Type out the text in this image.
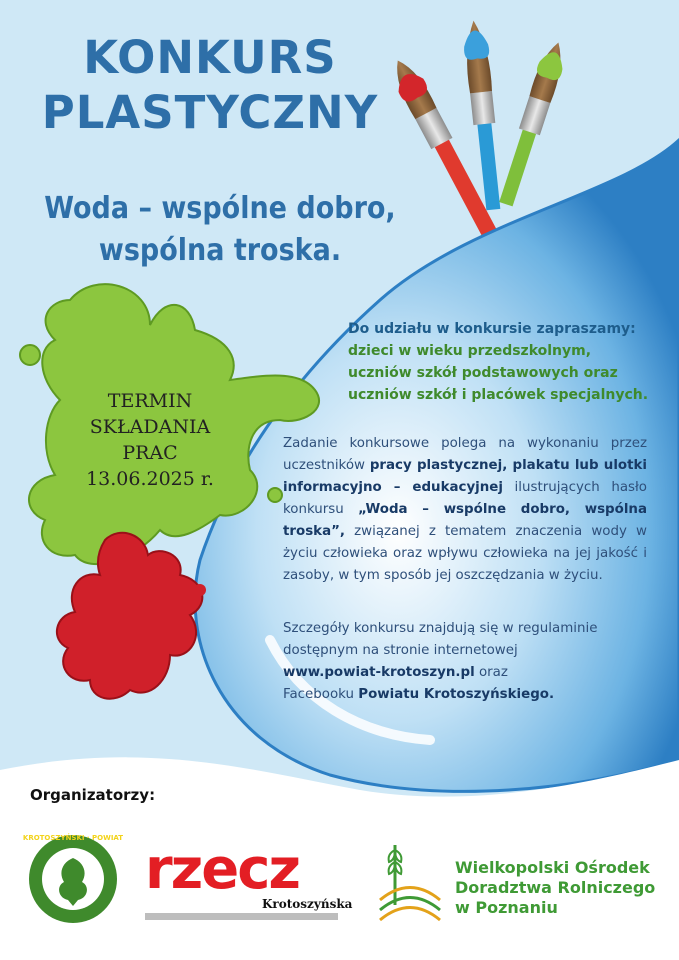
KROTOSZYŃSKI · POWIAT
KONKURS
PLASTYCZNY
Woda – wspólne dobro,
wspólna troska.
TERMIN
SKŁADANIA
PRAC
13.06.2025 r.
Do udziału w konkursie zapraszamy:
dzieci w wieku przedszkolnym,
uczniów szkół podstawowych oraz
uczniów szkół i placówek specjalnych.
Zadanie konkursowe polega na wykonaniu przez uczestników pracy plastycznej, plakatu lub ulotki informacyjno – edukacyjnej ilustrujących hasło konkursu „Woda – wspólne dobro, wspólna troska”, związanej z tematem znaczenia wody w życiu człowieka oraz wpływu człowieka na jej jakość i zasoby, w tym sposób jej oszczędzania w życiu.
Szczegóły konkursu znajdują się w regulaminie dostępnym na stronie internetowej
www.powiat-krotoszyn.pl oraz
Facebooku Powiatu Krotoszyńskiego.
Organizatorzy:
rzecz
Krotoszyńska
Wielkopolski Ośrodek
Doradztwa Rolniczego
w Poznaniu
